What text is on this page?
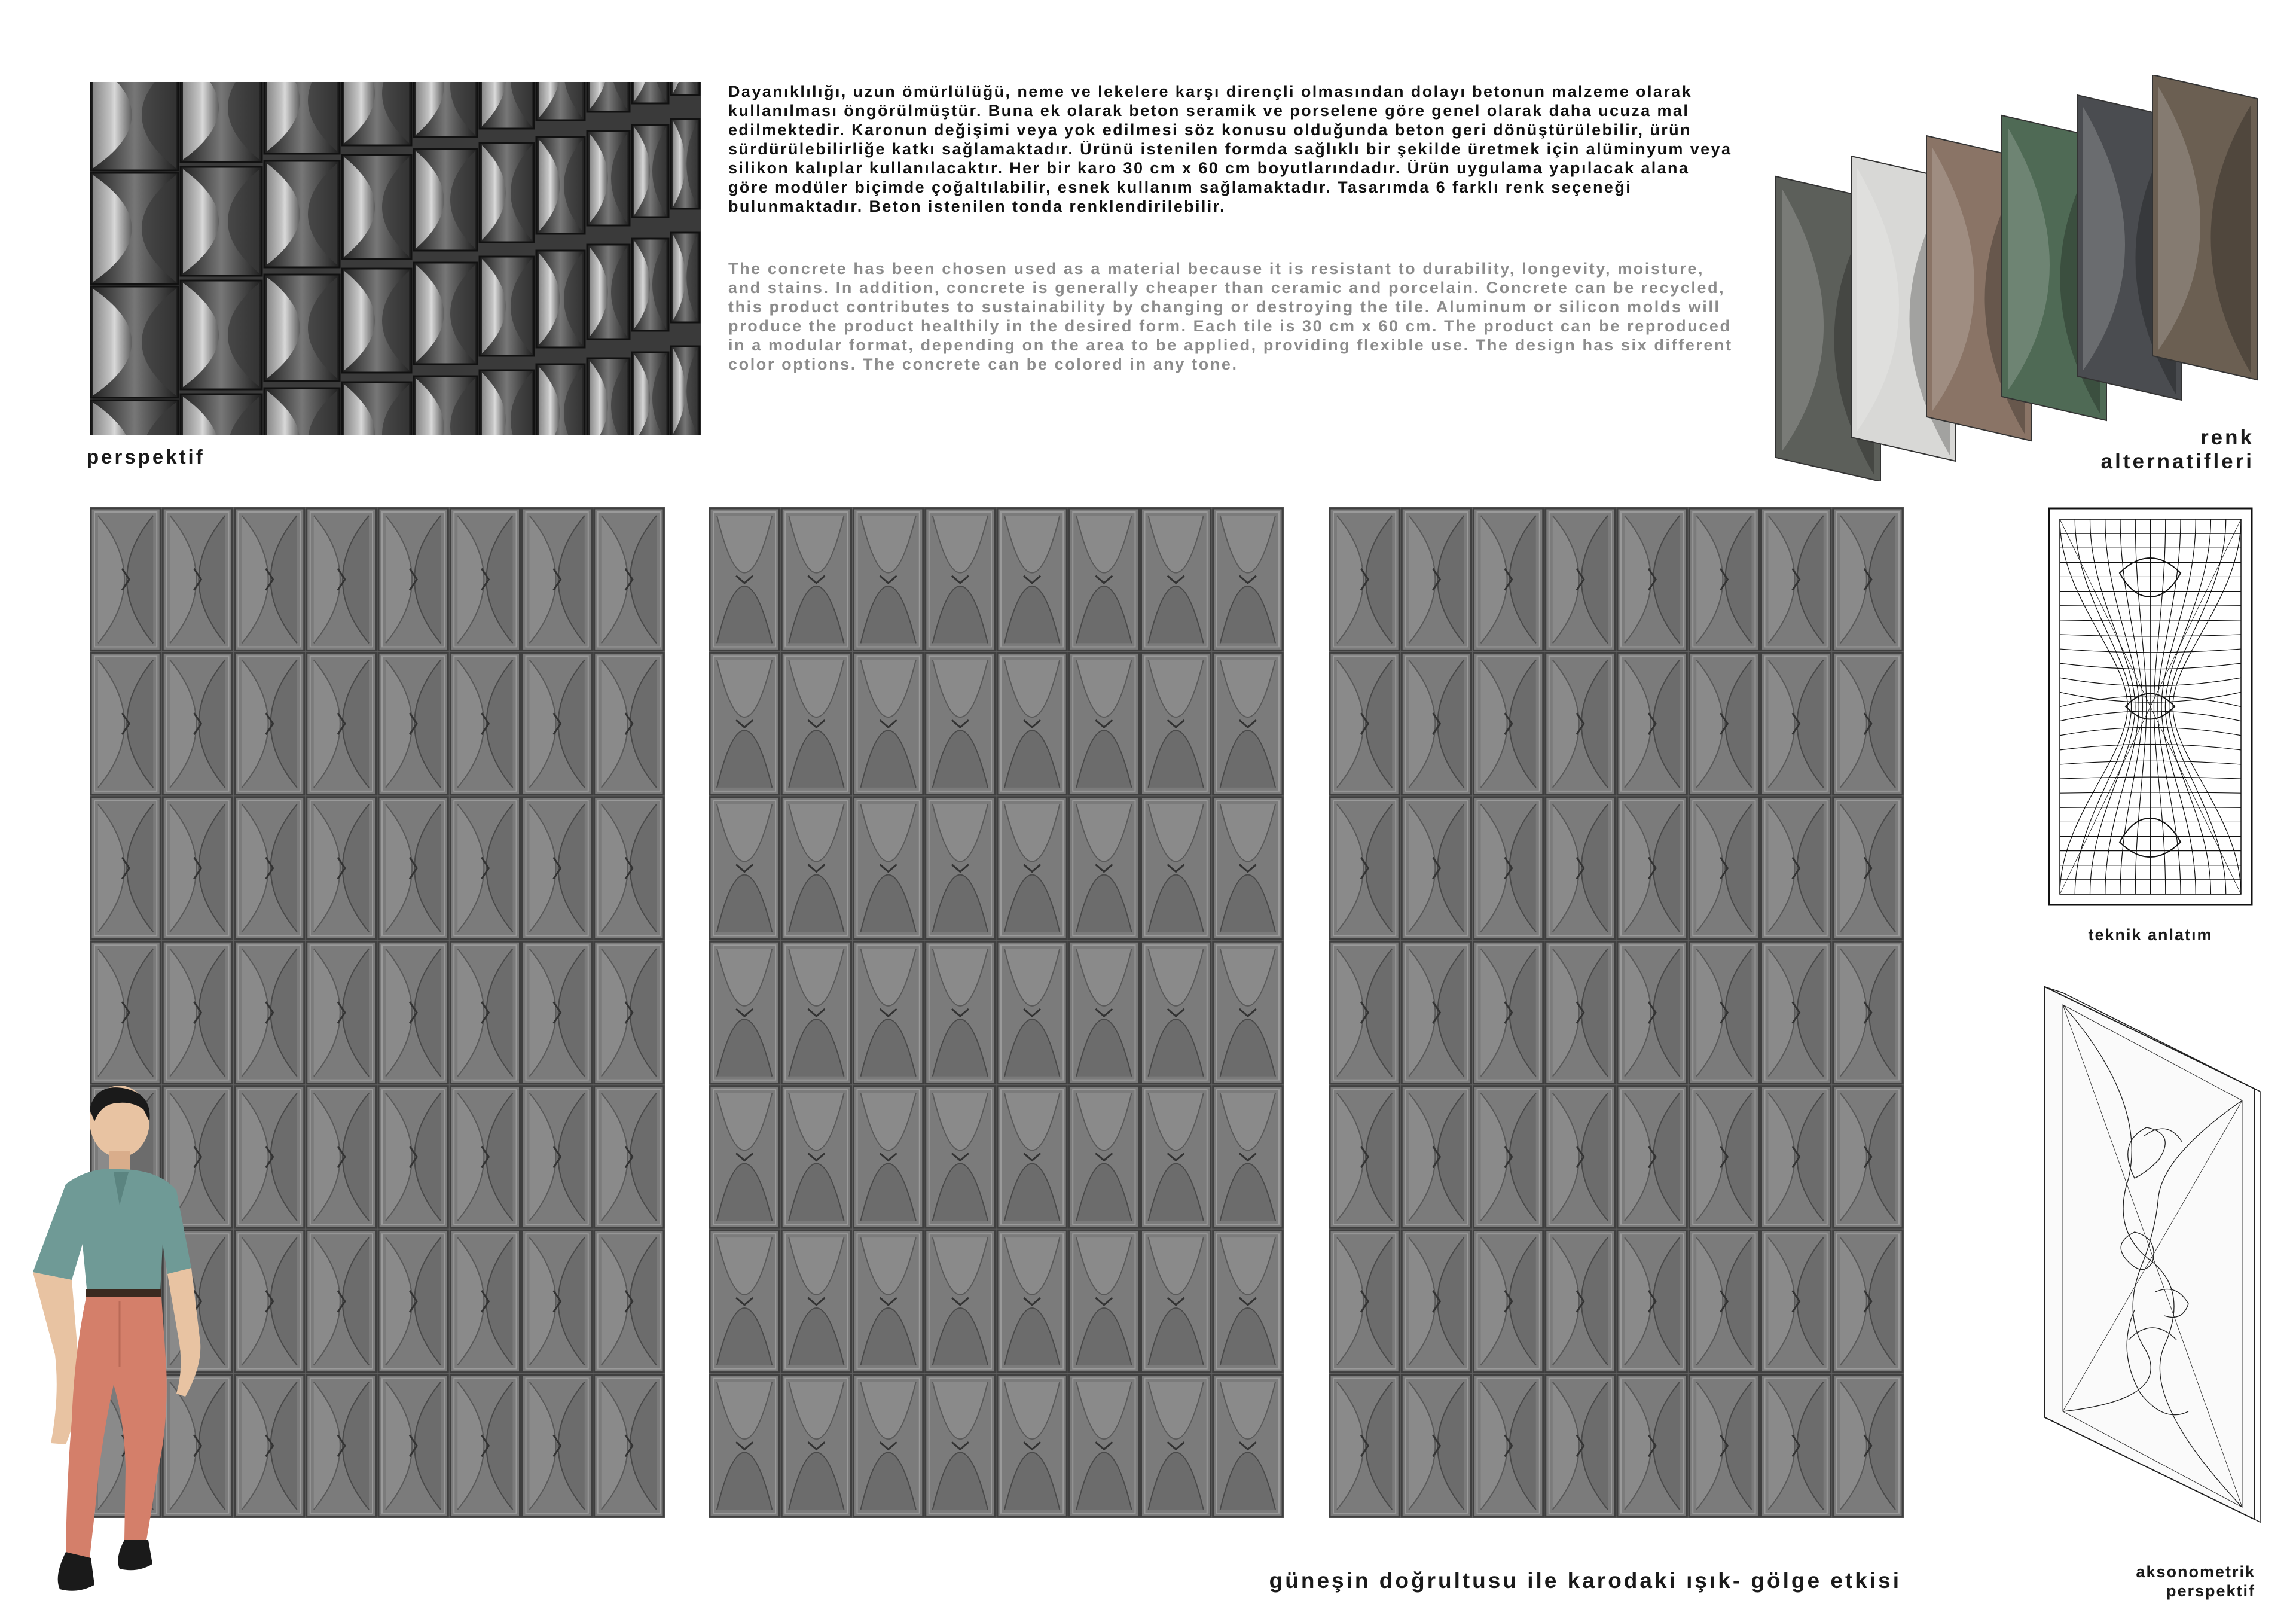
perspektif

Dayanıklılığı, uzun ömürlülüğü, neme ve lekelere karşı dirençli olmasından dolayı betonun malzeme olarak kullanılması öngörülmüştür. Buna ek olarak beton seramik ve porselene göre genel olarak daha ucuza mal edilmektedir. Karonun değişimi veya yok edilmesi söz konusu olduğunda beton geri dönüştürülebilir, ürün sürdürülebilirliğe katkı sağlamaktadır. Ürünü istenilen formda sağlıklı bir şekilde üretmek için alüminyum veya silikon kalıplar kullanılacaktır. Her bir karo 30 cm x 60 cm boyutlarındadır. Ürün uygulama yapılacak alana göre modüler biçimde çoğaltılabilir, esnek kullanım sağlamaktadır. Tasarımda 6 farklı renk seçeneği bulunmaktadır. Beton istenilen tonda renklendirilebilir.

The concrete has been chosen used as a material because it is resistant to durability, longevity, moisture, and stains. In addition, concrete is generally cheaper than ceramic and porcelain. Concrete can be recycled, this product contributes to sustainability by changing or destroying the tile. Aluminum or silicon molds will produce the product healthily in the desired form. Each tile is 30 cm x 60 cm. The product can be reproduced in a modular format, depending on the area to be applied, providing flexible use. The design has six different color options. The concrete can be colored in any tone.

renk
alternatifleri
teknik anlatım
aksonometrik
perspektif
güneşin doğrultusu ile karodaki ışık- gölge etkisi
